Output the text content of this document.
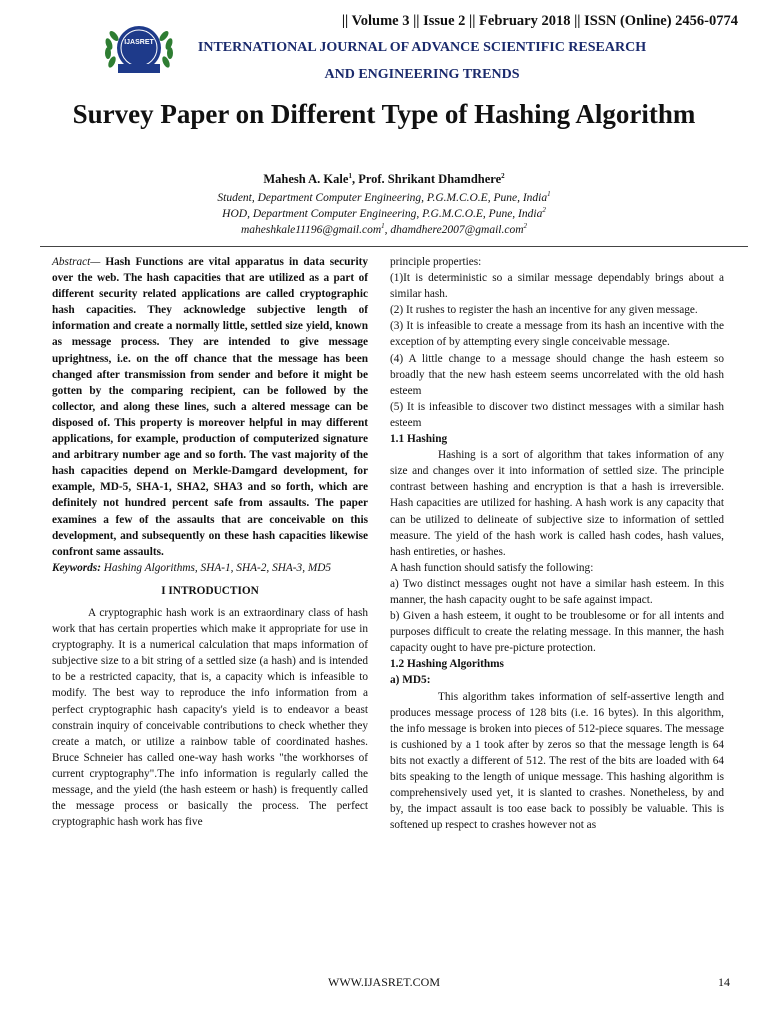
IJASRET
|| Volume 3 || Issue 2 || February 2018 || ISSN (Online) 2456-0774
INTERNATIONAL JOURNAL OF ADVANCE SCIENTIFIC RESEARCH
AND ENGINEERING TRENDS
Survey Paper on Different Type of Hashing Algorithm
Mahesh A. Kale$^1$, Prof. Shrikant Dhamdhere$^2$
Student, Department Computer Engineering, P.G.M.C.O.E, Pune, India$^1$
HOD, Department Computer Engineering, P.G.M.C.O.E, Pune, India$^2$
maheshkale11196@gmail.com$^1$, dhamdhere2007@gmail.com$^2$

Abstract— Hash Functions are vital apparatus in data security over the web. The hash capacities that are utilized as a part of different security related applications are called cryptographic hash capacities. They acknowledge subjective length of information and create a normally little, settled size yield, known as message process. They are intended to give message uprightness, i.e. on the off chance that the message has been changed after transmission from sender and before it might be gotten by the comparing recipient, can be followed by the collector, and along these lines, such a altered message can be disposed of. This property is moreover helpful in may different applications, for example, production of computerized signature and arbitrary number age and so forth. The vast majority of the hash capacities depend on Merkle-Damgard development, for example, MD-5, SHA-1, SHA2, SHA3 and so forth, which are definitely not hundred percent safe from assaults. The paper examines a few of the assaults that are conceivable on this development, and subsequently on these hash capacities likewise confront same assaults.

Keywords: Hashing Algorithms, SHA-1, SHA-2, SHA-3, MD5

I INTRODUCTION

A cryptographic hash work is an extraordinary class of hash work that has certain properties which make it appropriate for use in cryptography. It is a numerical calculation that maps information of subjective size to a bit string of a settled size (a hash) and is intended to be a restricted capacity, that is, a capacity which is infeasible to modify. The best way to reproduce the info information from a perfect cryptographic hash capacity's yield is to endeavor a beast constrain inquiry of conceivable contributions to check whether they create a match, or utilize a rainbow table of coordinated hashes. Bruce Schneier has called one-way hash works "the workhorses of current cryptography".The info information is regularly called the message, and the yield (the hash esteem or hash) is frequently called the message process or basically the process. The perfect cryptographic hash work has five

principle properties:

(1)It is deterministic so a similar message dependably brings about a similar hash.

(2) It rushes to register the hash an incentive for any given message.

(3) It is infeasible to create a message from its hash an incentive with the exception of by attempting every single conceivable message.

(4) A little change to a message should change the hash esteem so broadly that the new hash esteem seems uncorrelated with the old hash esteem

(5) It is infeasible to discover two distinct messages with a similar hash esteem

1.1 Hashing

Hashing is a sort of algorithm that takes information of any size and changes over it into information of settled size. The principle contrast between hashing and encryption is that a hash is irreversible. Hash capacities are utilized for hashing. A hash work is any capacity that can be utilized to delineate of subjective size to information of settled measure. The yield of the hash work is called hash codes, hash values, hash entireties, or hashes.

A hash function should satisfy the following:

a) Two distinct messages ought not have a similar hash esteem. In this manner, the hash capacity ought to be safe against impact.

b) Given a hash esteem, it ought to be troublesome or for all intents and purposes difficult to create the relating message. In this manner, the hash capacity ought to have pre-picture protection.

1.2 Hashing Algorithms

a) MD5:

This algorithm takes information of self-assertive length and produces message process of 128 bits (i.e. 16 bytes). In this algorithm, the info message is broken into pieces of 512-piece squares. The message is cushioned by a 1 took after by zeros so that the message length is 64 bits not exactly a different of 512. The rest of the bits are loaded with 64 bits speaking to the length of unique message. This hashing algorithm is comprehensively used yet, it is slanted to crashes. Nonetheless, by and by, the impact assault is too ease back to possibly be valuable. This is softened up respect to crashes however not as

WWW.IJASRET.COM	14
